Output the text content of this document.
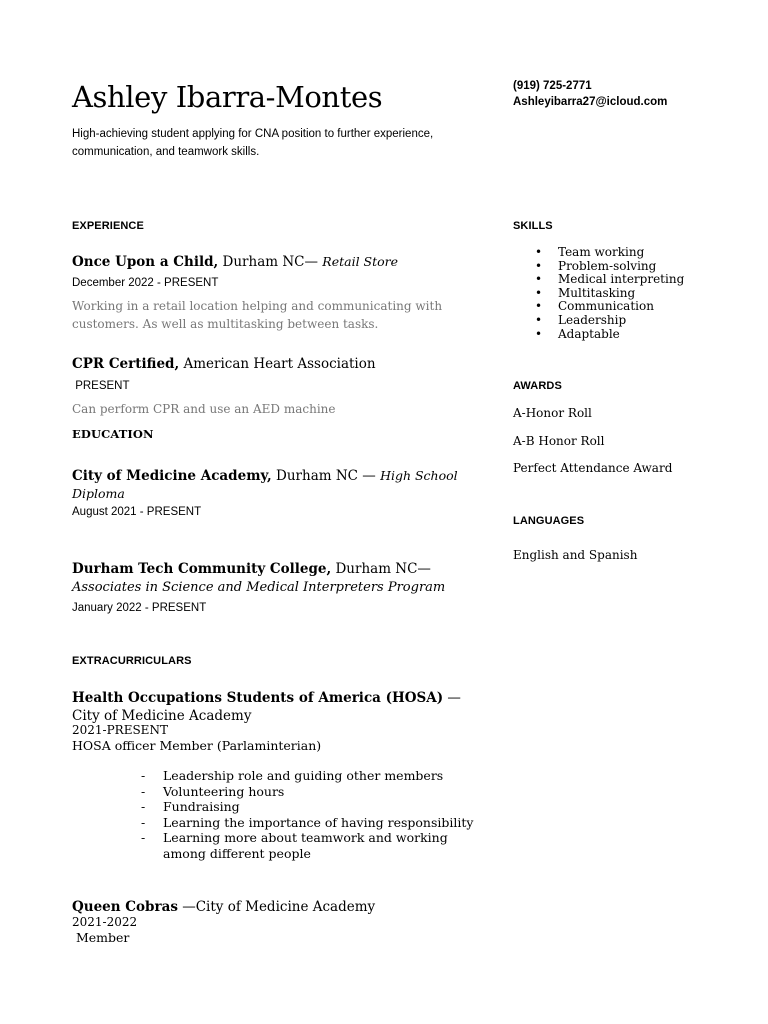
Ashley Ibarra-Montes
High-achieving student applying for CNA position to further experience, communication, and teamwork skills.
(919) 725-2771
Ashleyibarra27@icloud.com
EXPERIENCE
Once Upon a Child, Durham NC— Retail Store
December 2022 - PRESENT
Working in a retail location helping and communicating with customers. As well as multitasking between tasks.
CPR Certified, American Heart Association
PRESENT
Can perform CPR and use an AED machine
EDUCATION
City of Medicine Academy, Durham NC — High School Diploma
August 2021 - PRESENT
Durham Tech Community College, Durham NC—
Associates in Science and Medical Interpreters Program
January 2022 - PRESENT
EXTRACURRICULARS
Health Occupations Students of America (HOSA) —City of Medicine Academy
2021-PRESENT
HOSA officer Member (Parlaminterian)
- Leadership role and guiding other members
- Volunteering hours
- Fundraising
- Learning the importance of having responsibility
- Learning more about teamwork and working among different people
Queen Cobras —City of Medicine Academy
2021-2022
Member
SKILLS
• Team working
• Problem-solving
• Medical interpreting
• Multitasking
• Communication
• Leadership
• Adaptable
AWARDS
A-Honor Roll
A-B Honor Roll
Perfect Attendance Award
LANGUAGES
English and Spanish
